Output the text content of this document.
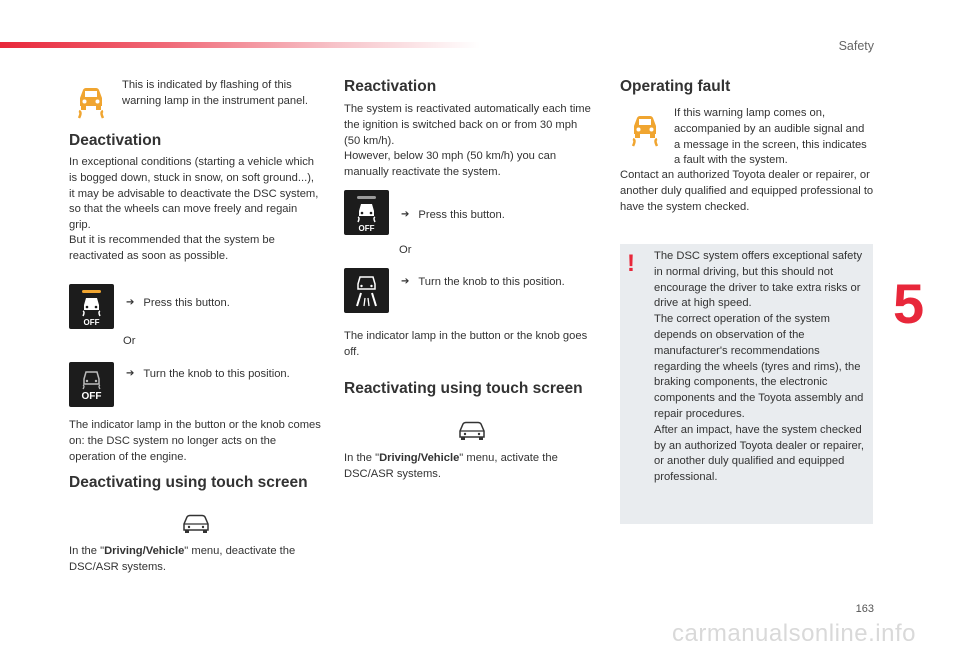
Safety
5
163
carmanualsonline.info

This is indicated by flashing of this warning lamp in the instrument panel.

Deactivation

In exceptional conditions (starting a vehicle which is bogged down, stuck in snow, on soft ground...), it may be advisable to deactivate the DSC system, so that the wheels can move freely and regain grip.

But it is recommended that the system be reactivated as soon as possible.

OFF
➔ Press this button.
Or
OFF
➔ Turn the knob to this position.

The indicator lamp in the button or the knob comes on: the DSC system no longer acts on the operation of the engine.

Deactivating using touch screen

In the "Driving/Vehicle" menu, deactivate the DSC/ASR systems.

Reactivation

The system is reactivated automatically each time the ignition is switched back on or from 30 mph (50 km/h).

However, below 30 mph (50 km/h) you can manually reactivate the system.

OFF
➔ Press this button.
Or
➔ Turn the knob to this position.

The indicator lamp in the button or the knob goes off.

Reactivating using touch screen

In the "Driving/Vehicle" menu, activate the DSC/ASR systems.

Operating fault

If this warning lamp comes on, accompanied by an audible signal and a message in the screen, this indicates a fault with the system.

Contact an authorized Toyota dealer or repairer, or another duly qualified and equipped professional to have the system checked.

! The DSC system offers exceptional safety in normal driving, but this should not encourage the driver to take extra risks or drive at high speed.

The correct operation of the system depends on observation of the manufacturer's recommendations regarding the wheels (tyres and rims), the braking components, the electronic components and the Toyota assembly and repair procedures.

After an impact, have the system checked by an authorized Toyota dealer or repairer, or another duly qualified and equipped professional.
